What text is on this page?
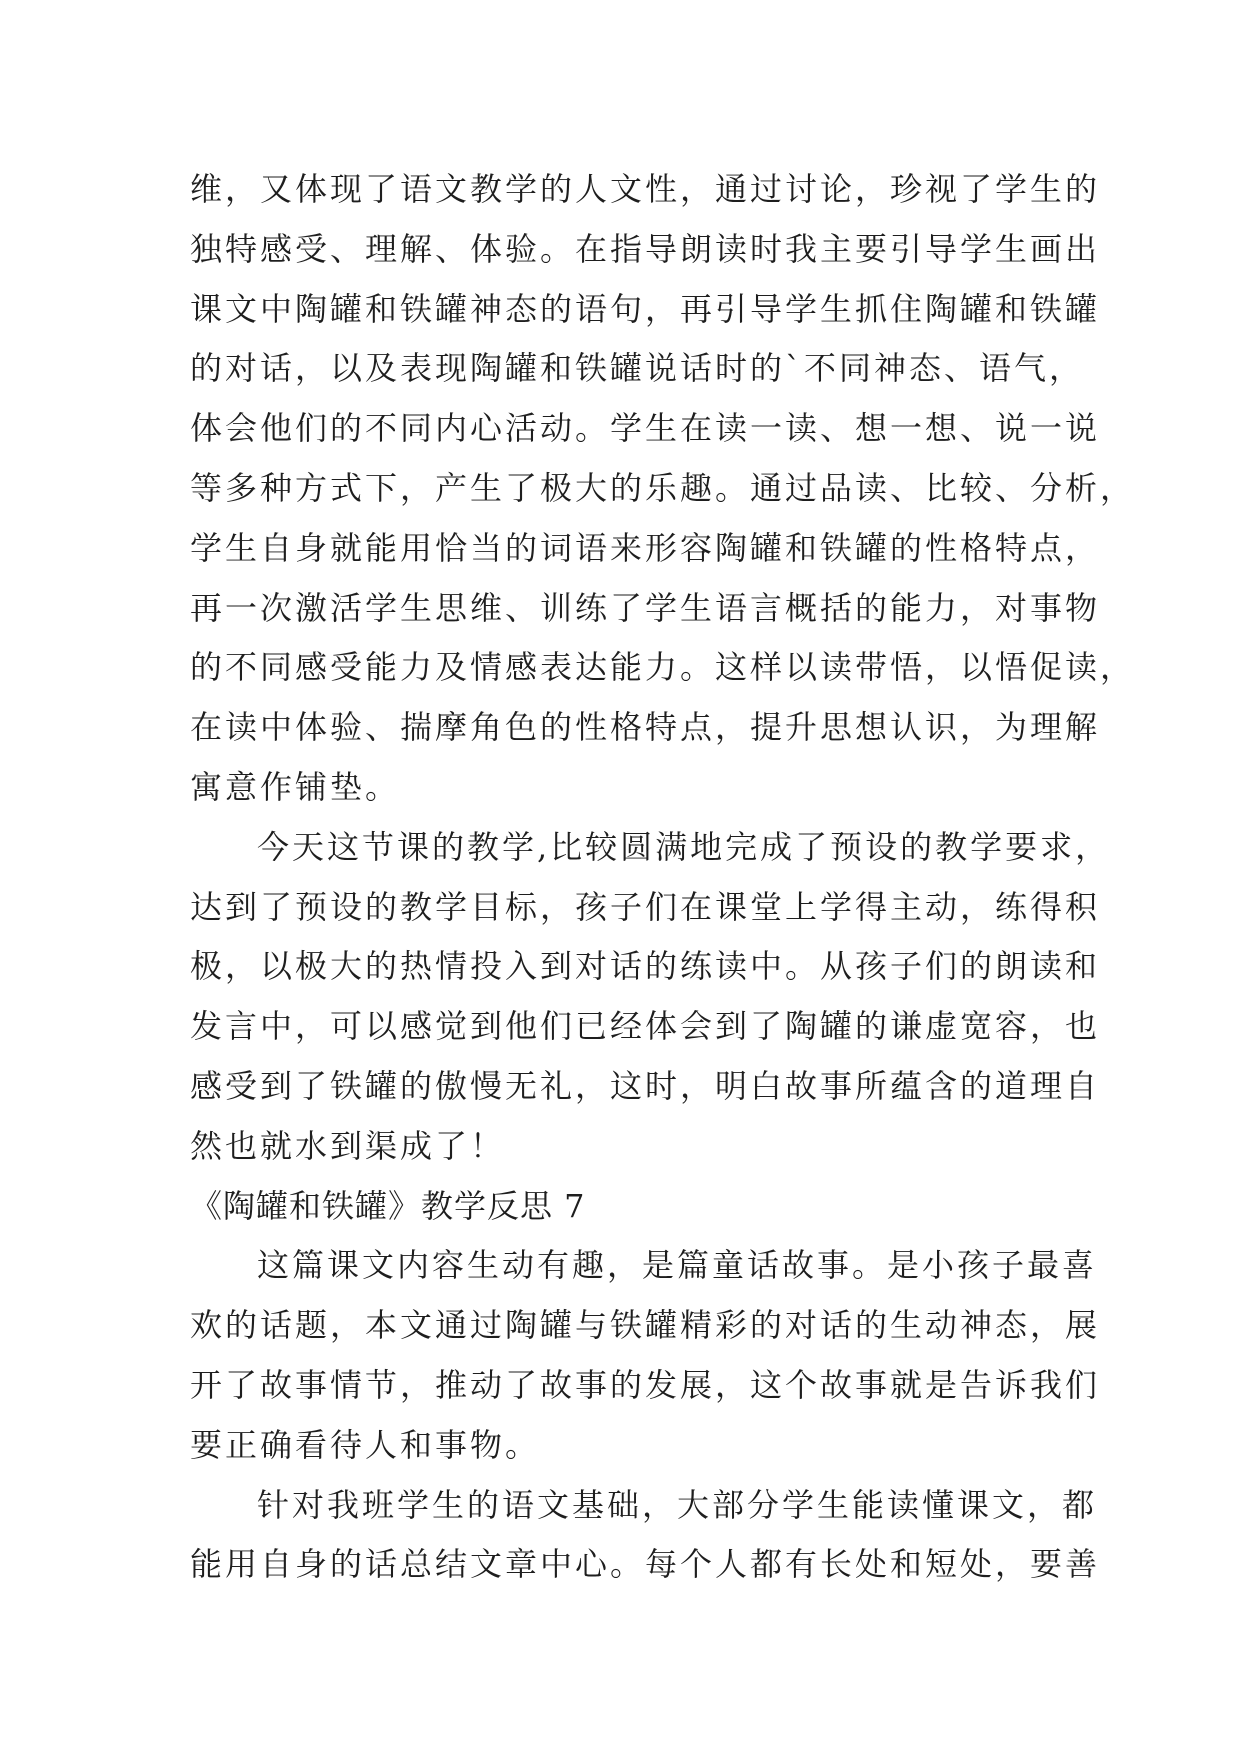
维，又体现了语文教学的人文性，通过讨论，珍视了学生的
独特感受、理解、体验。在指导朗读时我主要引导学生画出
课文中陶罐和铁罐神态的语句，再引导学生抓住陶罐和铁罐
的对话，以及表现陶罐和铁罐说话时的`不同神态、语气，
体会他们的不同内心活动。学生在读一读、想一想、说一说
等多种方式下，产生了极大的乐趣。通过品读、比较、分析，
学生自身就能用恰当的词语来形容陶罐和铁罐的性格特点，
再一次激活学生思维、训练了学生语言概括的能力，对事物
的不同感受能力及情感表达能力。这样以读带悟，以悟促读，
在读中体验、揣摩角色的性格特点，提升思想认识，为理解
寓意作铺垫。
今天这节课的教学,比较圆满地完成了预设的教学要求，
达到了预设的教学目标，孩子们在课堂上学得主动，练得积
极，以极大的热情投入到对话的练读中。从孩子们的朗读和
发言中，可以感觉到他们已经体会到了陶罐的谦虚宽容，也
感受到了铁罐的傲慢无礼，这时，明白故事所蕴含的道理自
然也就水到渠成了！
《陶罐和铁罐》教学反思 7
这篇课文内容生动有趣，是篇童话故事。是小孩子最喜
欢的话题，本文通过陶罐与铁罐精彩的对话的生动神态，展
开了故事情节，推动了故事的发展，这个故事就是告诉我们
要正确看待人和事物。
针对我班学生的语文基础，大部分学生能读懂课文，都
能用自身的话总结文章中心。每个人都有长处和短处，要善
